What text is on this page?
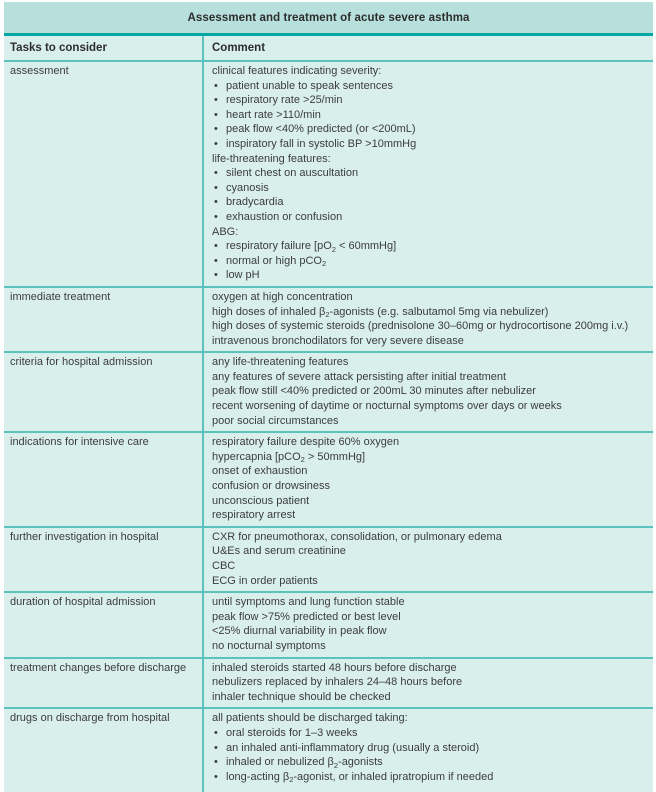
Assessment and treatment of acute severe asthma
Tasks to consider	Comment
assessment	clinical features indicating severity:
• patient unable to speak sentences
• respiratory rate >25/min
• heart rate >110/min
• peak flow <40% predicted (or <200mL)
• inspiratory fall in systolic BP >10mmHg
life-threatening features:
• silent chest on auscultation
• cyanosis
• bradycardia
• exhaustion or confusion
ABG:
• respiratory failure [$pO_2$ < 60mmHg]
• normal or high pCO$_2$
• low pH
immediate treatment	oxygen at high concentration
high doses of inhaled $\beta_2$-agonists (e.g. salbutamol 5mg via nebulizer)
high doses of systemic steroids (prednisolone 30–60mg or hydrocortisone 200mg i.v.)
intravenous bronchodilators for very severe disease
criteria for hospital admission	any life-threatening features
any features of severe attack persisting after initial treatment
peak flow still <40% predicted or 200mL 30 minutes after nebulizer
recent worsening of daytime or nocturnal symptoms over days or weeks
poor social circumstances
indications for intensive care	respiratory failure despite 60% oxygen
hypercapnia [pCO$_2$ > 50mmHg]
onset of exhaustion
confusion or drowsiness
unconscious patient
respiratory arrest
further investigation in hospital	CXR for pneumothorax, consolidation, or pulmonary edema
U&Es and serum creatinine
CBC
ECG in order patients
duration of hospital admission	until symptoms and lung function stable
peak flow >75% predicted or best level
<25% diurnal variability in peak flow
no nocturnal symptoms
treatment changes before discharge	inhaled steroids started 48 hours before discharge
nebulizers replaced by inhalers 24–48 hours before
inhaler technique should be checked
drugs on discharge from hospital	all patients should be discharged taking:
• oral steroids for 1–3 weeks
• an inhaled anti-inflammatory drug (usually a steroid)
• inhaled or nebulized $\beta_2$-agonists
• long-acting $\beta_2$-agonist, or inhaled ipratropium if needed
